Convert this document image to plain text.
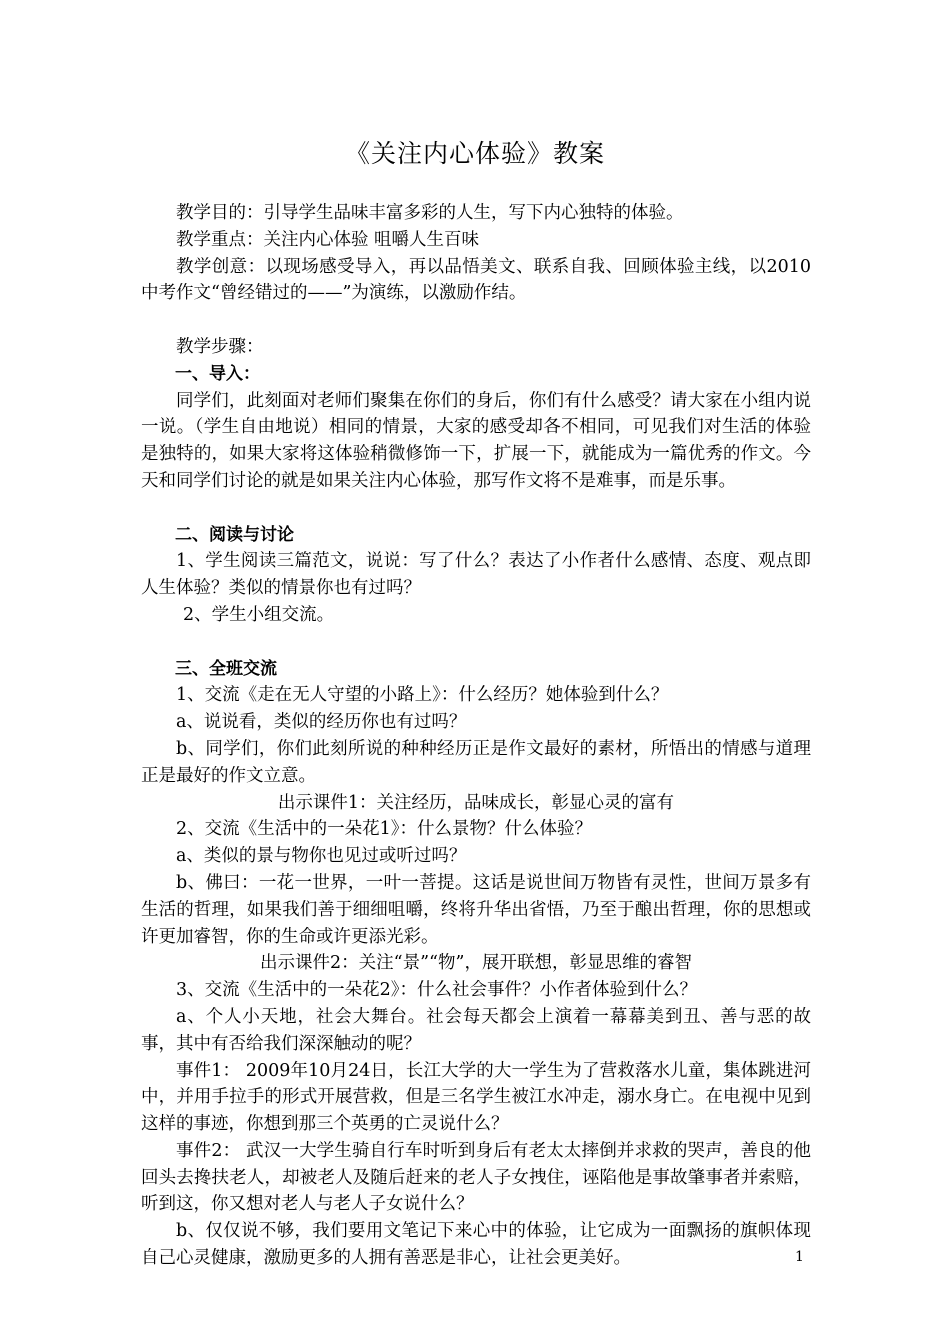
《关注内心体验》教案

教学目的：引导学生品味丰富多彩的人生，写下内心独特的体验。

教学重点：关注内心体验 咀嚼人生百味

教学创意：以现场感受导入，再以品悟美文、联系自我、回顾体验主线，以2010中考作文“曾经错过的——”为演练，以激励作结。

教学步骤：

一、导入：

同学们，此刻面对老师们聚集在你们的身后，你们有什么感受？请大家在小组内说一说。（学生自由地说）相同的情景，大家的感受却各不相同，可见我们对生活的体验是独特的，如果大家将这体验稍微修饰一下，扩展一下，就能成为一篇优秀的作文。今天和同学们讨论的就是如果关注内心体验，那写作文将不是难事，而是乐事。

二、阅读与讨论

1、学生阅读三篇范文，说说：写了什么？表达了小作者什么感情、态度、观点即人生体验？类似的情景你也有过吗？

2、学生小组交流。

三、全班交流

1、交流《走在无人守望的小路上》：什么经历？她体验到什么？

a、说说看，类似的经历你也有过吗？

b、同学们，你们此刻所说的种种经历正是作文最好的素材，所悟出的情感与道理正是最好的作文立意。

出示课件1：关注经历，品味成长，彰显心灵的富有

2、交流《生活中的一朵花1》：什么景物？什么体验？

a、类似的景与物你也见过或听过吗？

b、佛曰：一花一世界，一叶一菩提。这话是说世间万物皆有灵性，世间万景多有生活的哲理，如果我们善于细细咀嚼，终将升华出省悟，乃至于酿出哲理，你的思想或许更加睿智，你的生命或许更添光彩。

出示课件2：关注“景”“物”，展开联想，彰显思维的睿智

3、交流《生活中的一朵花2》：什么社会事件？小作者体验到什么？

a、个人小天地，社会大舞台。社会每天都会上演着一幕幕美到丑、善与恶的故事，其中有否给我们深深触动的呢？

事件1： 2009年10月24日，长江大学的大一学生为了营救落水儿童，集体跳进河中，并用手拉手的形式开展营救，但是三名学生被江水冲走，溺水身亡。在电视中见到这样的事迹，你想到那三个英勇的亡灵说什么？

事件2： 武汉一大学生骑自行车时听到身后有老太太摔倒并求救的哭声，善良的他回头去搀扶老人，却被老人及随后赶来的老人子女拽住，诬陷他是事故肇事者并索赔，听到这，你又想对老人与老人子女说什么？

b、仅仅说不够，我们要用文笔记下来心中的体验，让它成为一面飘扬的旗帜体现自己心灵健康，激励更多的人拥有善恶是非心，让社会更美好。	1
